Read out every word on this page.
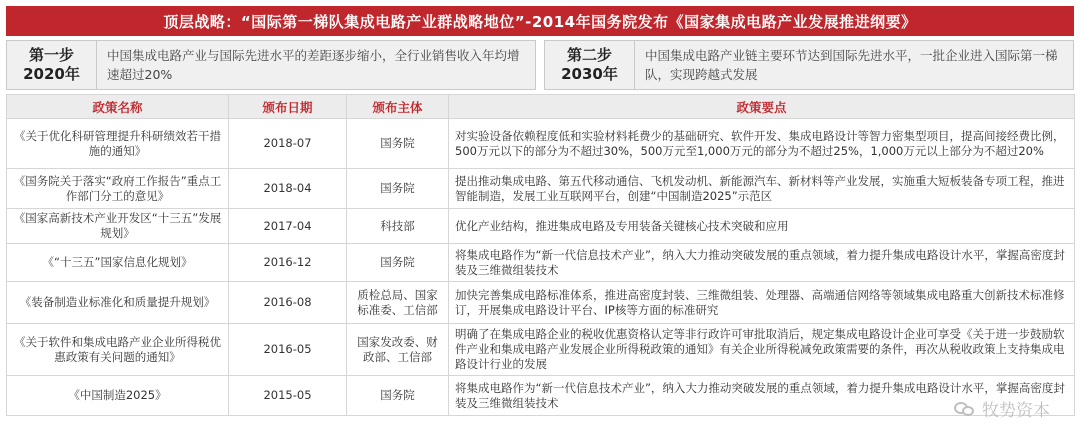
顶层战略：“国际第一梯队集成电路产业群战略地位”-2014年国务院发布《国家集成电路产业发展推进纲要》
第一步
2020年
中国集成电路产业与国际先进水平的差距逐步缩小，全行业销售收入年均增速超过20%
第二步
2030年
中国集成电路产业链主要环节达到国际先进水平，一批企业进入国际第一梯队，实现跨越式发展
政策名称	颁布日期	颁布主体	政策要点
《关于优化科研管理提升科研绩效若干措施的通知》	2018-07	国务院	对实验设备依赖程度低和实验材料耗费少的基础研究、软件开发、集成电路设计等智力密集型项目，提高间接经费比例，500万元以下的部分为不超过30%，500万元至1,000万元的部分为不超过25%，1,000万元以上部分为不超过20%
《国务院关于落实“政府工作报告”重点工作部门分工的意见》	2018-04	国务院	提出推动集成电路、第五代移动通信、飞机发动机、新能源汽车、新材料等产业发展，实施重大短板装备专项工程，推进智能制造，发展工业互联网平台，创建“中国制造2025”示范区
《国家高新技术产业开发区“十三五”发展规划》	2017-04	科技部	优化产业结构，推进集成电路及专用装备关键核心技术突破和应用
《“十三五”国家信息化规划》	2016-12	国务院	将集成电路作为“新一代信息技术产业”，纳入大力推动突破发展的重点领域，着力提升集成电路设计水平，掌握高密度封装及三维微组装技术
《装备制造业标准化和质量提升规划》	2016-08	质检总局、国家标准委、工信部	加快完善集成电路标准体系，推进高密度封装、三维微组装、处理器、高端通信网络等领域集成电路重大创新技术标准修订，开展集成电路设计平台、IP核等方面的标准研究
《关于软件和集成电路产业企业所得税优惠政策有关问题的通知》	2016-05	国家发改委、财政部、工信部	明确了在集成电路企业的税收优惠资格认定等非行政许可审批取消后，规定集成电路设计企业可享受《关于进一步鼓励软件产业和集成电路产业发展企业所得税政策的通知》有关企业所得税减免政策需要的条件，再次从税收政策上支持集成电路设计行业的发展
《中国制造2025》	2015-05	国务院	将集成电路作为“新一代信息技术产业”，纳入大力推动突破发展的重点领域，着力提升集成电路设计水平，掌握高密度封装及三维微组装技术	牧势资本
